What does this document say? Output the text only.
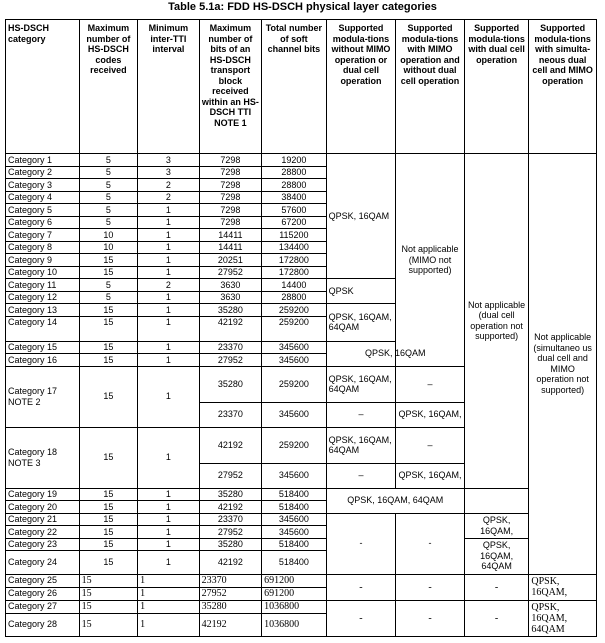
Table 5.1a: FDD HS-DSCH physical layer categories
HS-DSCH category	Maximum number of HS-DSCH codes received	Minimum inter-TTI interval	Maximum number of bits of an HS-DSCH transport block received within an HS-DSCH TTI NOTE 1	Total number of soft channel bits	Supported modula-tions without MIMO operation or dual cell operation	Supported modula-tions with MIMO operation and without dual cell operation	Supported modula-tions with dual cell operation	Supported modula-tions with simulta-neous dual cell and MIMO operation
Category 1	5	3	7298	19200	QPSK, 16QAM	Not applicable (MIMO not supported)	Not applicable (dual cell operation not supported)	Not applicable (simultaneo us dual cell and MIMO operation not supported)
Category 2	5	3	7298	28800				
Category 3	5	2	7298	28800				
Category 4	5	2	7298	38400				
Category 5	5	1	7298	57600				
Category 6	5	1	7298	67200				
Category 7	10	1	14411	115200				
Category 8	10	1	14411	134400				
Category 9	15	1	20251	172800				
Category 10	15	1	27952	172800				
Category 11	5	2	3630	14400	QPSK			
Category 12	5	1	3630	28800				
Category 13	15	1	35280	259200	QPSK, 16QAM, 64QAM			
Category 14	15	1	42192	259200				
Category 15	15	1	23370	345600	QPSK, 16QAM			
Category 16	15	1	27952	345600				
Category 17 NOTE 2	15	1	35280	259200	QPSK, 16QAM, 64QAM	–		
			23370	345600	–	QPSK, 16QAM,		
Category 18 NOTE 3	15	1	42192	259200	QPSK, 16QAM, 64QAM	–		
			27952	345600	–	QPSK, 16QAM,		
Category 19	15	1	35280	518400	QPSK, 16QAM, 64QAM			
Category 20	15	1	42192	518400				
Category 21	15	1	23370	345600	-	-	QPSK, 16QAM,	
Category 22	15	1	27952	345600				
Category 23	15	1	35280	518400			QPSK, 16QAM, 64QAM	
Category 24	15	1	42192	518400				
Category 25	15	1	23370	691200	-	-	-	QPSK, 16QAM,
Category 26	15	1	27952	691200				
Category 27	15	1	35280	1036800	-	-	-	QPSK, 16QAM, 64QAM
Category 28	15	1	42192	1036800				
